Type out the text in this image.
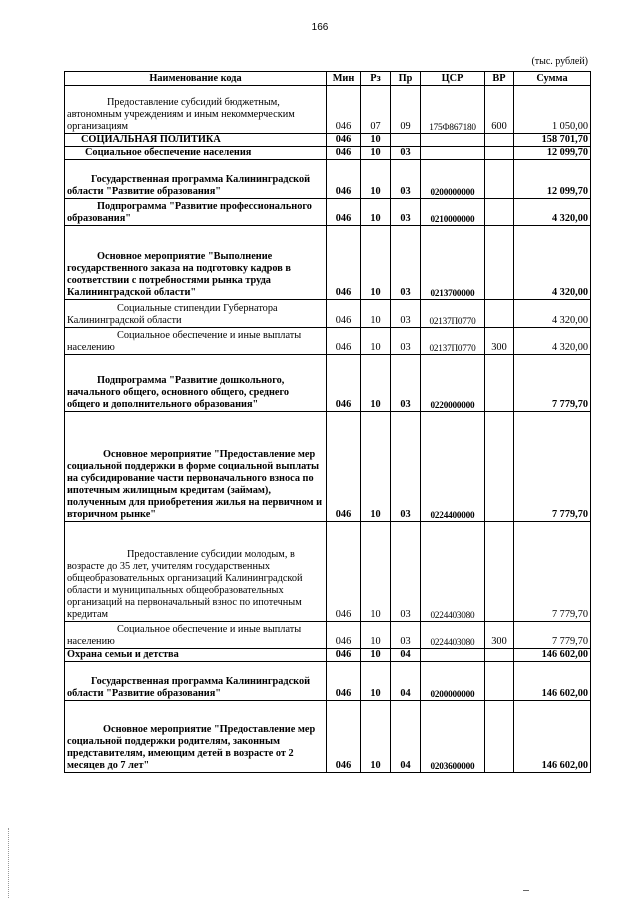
166
(тыс. рублей)
Наименование кода	Мин	Рз	Пр	ЦСР	ВР	Сумма

Предоставление субсидий бюджетным, автономным учреждениям и иным некоммерческим организациям	046	07	09	175Ф867180	600	1 050,00

СОЦИАЛЬНАЯ ПОЛИТИКА	046	10				158 701,70

Социальное обеспечение населения	046	10	03			12 099,70

Государственная программа Калининградской области "Развитие образования"	046	10	03	0200000000		12 099,70

Подпрограмма "Развитие профессионального образования"	046	10	03	0210000000		4 320,00

Основное мероприятие "Выполнение государственного заказа на подготовку кадров в соответствии с потребностями рынка труда Калининградской области"	046	10	03	0213700000		4 320,00

Социальные стипендии Губернатора Калининградской области	046	10	03	02137П0770		4 320,00

Социальное обеспечение и иные выплаты населению	046	10	03	02137П0770	300	4 320,00

Подпрограмма "Развитие дошкольного, начального общего, основного общего, среднего общего и дополнительного образования"	046	10	03	0220000000		7 779,70

Основное мероприятие "Предоставление мер социальной поддержки в форме социальной выплаты на субсидирование части первоначального взноса по ипотечным жилищным кредитам (займам), полученным для приобретения жилья на первичном и вторичном рынке"	046	10	03	0224400000		7 779,70

Предоставление субсидии молодым, в возрасте до 35 лет, учителям государственных общеобразовательных организаций Калининградской области и муниципальных общеобразовательных организаций на первоначальный взнос по ипотечным кредитам	046	10	03	0224403080		7 779,70

Социальное обеспечение и иные выплаты населению	046	10	03	0224403080	300	7 779,70

Охрана семьи и детства	046	10	04			146 602,00

Государственная программа Калининградской области "Развитие образования"	046	10	04	0200000000		146 602,00

Основное мероприятие "Предоставление мер социальной поддержки родителям, законным представителям, имеющим детей в возрасте от 2 месяцев до 7 лет"	046	10	04	0203600000		146 602,00
